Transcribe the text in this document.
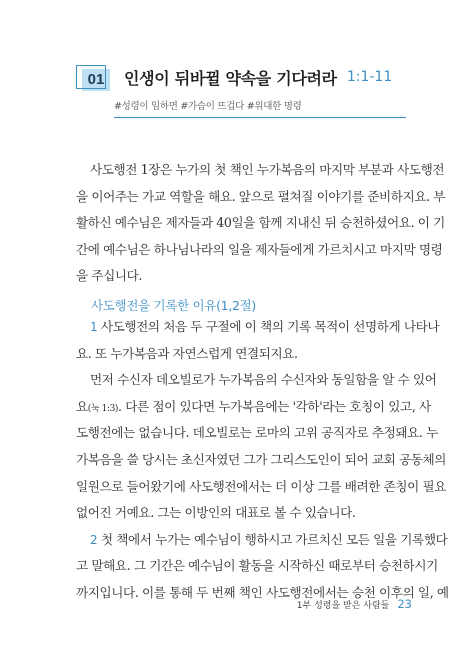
01 인생이 뒤바뀔 약속을 기다려라 1:1-11
#성령이 임하면 #가슴이 뜨겁다 #위대한 명령
사도행전 1장은 누가의 첫 책인 누가복음의 마지막 부분과 사도행전
을 이어주는 가교 역할을 해요. 앞으로 펼쳐질 이야기를 준비하지요. 부
활하신 예수님은 제자들과 40일을 함께 지내신 뒤 승천하셨어요. 이 기
간에 예수님은 하나님나라의 일을 제자들에게 가르치시고 마지막 명령
을 주십니다.
사도행전을 기록한 이유(1,2절)
1 사도행전의 처음 두 구절에 이 책의 기록 목적이 선명하게 나타나
요. 또 누가복음과 자연스럽게 연결되지요.
먼저 수신자 데오빌로가 누가복음의 수신자와 동일함을 알 수 있어
요(눅 1:3). 다른 점이 있다면 누가복음에는 '각하'라는 호칭이 있고, 사
도행전에는 없습니다. 데오빌로는 로마의 고위 공직자로 추정돼요. 누
가복음을 쓸 당시는 초신자였던 그가 그리스도인이 되어 교회 공동체의
일원으로 들어왔기에 사도행전에서는 더 이상 그를 배려한 존칭이 필요
없어진 거예요. 그는 이방인의 대표로 볼 수 있습니다.
2 첫 책에서 누가는 예수님이 행하시고 가르치신 모든 일을 기록했다
고 말해요. 그 기간은 예수님이 활동을 시작하신 때로부터 승천하시기
까지입니다. 이를 통해 두 번째 책인 사도행전에서는 승천 이후의 일, 예
1부 성령을 받은 사람들 23
